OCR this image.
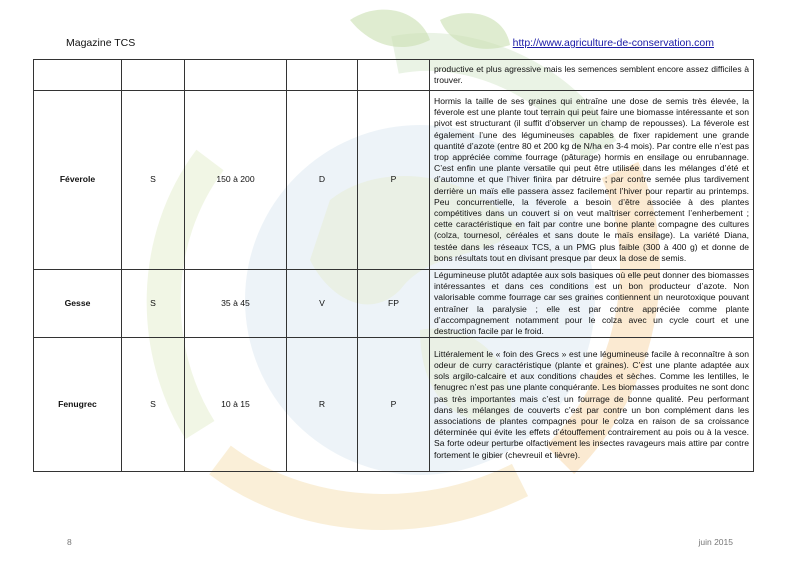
Magazine TCS	http://www.agriculture-de-conservation.com
					productive et plus agressive mais les semences semblent encore assez difficiles à trouver.
Féverole	S	150 à 200	D	P	Hormis la taille de ses graines qui entraîne une dose de semis très élevée, la féverole est une plante tout terrain qui peut faire une biomasse intéressante et son pivot est structurant (il suffit d’observer un champ de repousses). La féverole est également l’une des légumineuses capables de fixer rapidement une grande quantité d’azote (entre 80 et 200 kg de N/ha en 3-4 mois). Par contre elle n’est pas trop appréciée comme fourrage (pâturage) hormis en ensilage ou enrubannage. C’est enfin une plante versatile qui peut être utilisée dans les mélanges d’été et d’automne et que l’hiver finira par détruire ; par contre semée plus tardivement derrière un maïs elle passera assez facilement l’hiver pour repartir au printemps. Peu concurrentielle, la féverole a besoin d’être associée à des plantes compétitives dans un couvert si on veut maîtriser correctement l’enherbement ; cette caractéristique en fait par contre une bonne plante compagne des cultures (colza, tournesol, céréales et sans doute le maïs ensilage). La variété Diana, testée dans les réseaux TCS, a un PMG plus faible (300 à 400 g) et donne de bons résultats tout en divisant presque par deux la dose de semis.
Gesse	S	35 à 45	V	FP	Légumineuse plutôt adaptée aux sols basiques où elle peut donner des biomasses intéressantes et dans ces conditions est un bon producteur d’azote. Non valorisable comme fourrage car ses graines contiennent un neurotoxique pouvant entraîner la paralysie ; elle est par contre appréciée comme plante d’accompagnement notamment pour le colza avec un cycle court et une destruction facile par le froid.
Fenugrec	S	10 à 15	R	P	Littéralement le « foin des Grecs » est une légumineuse facile à reconnaître à son odeur de curry caractéristique (plante et graines). C’est une plante adaptée aux sols argilo-calcaire et aux conditions chaudes et sèches. Comme les lentilles, le fenugrec n’est pas une plante conquérante. Les biomasses produites ne sont donc pas très importantes mais c’est un fourrage de bonne qualité. Peu performant dans les mélanges de couverts c’est par contre un bon complément dans les associations de plantes compagnes pour le colza en raison de sa croissance déterminée qui évite les effets d’étouffement contrairement au pois ou à la vesce. Sa forte odeur perturbe olfactivement les insectes ravageurs mais attire par contre fortement le gibier (chevreuil et lièvre).
8	juin 2015
